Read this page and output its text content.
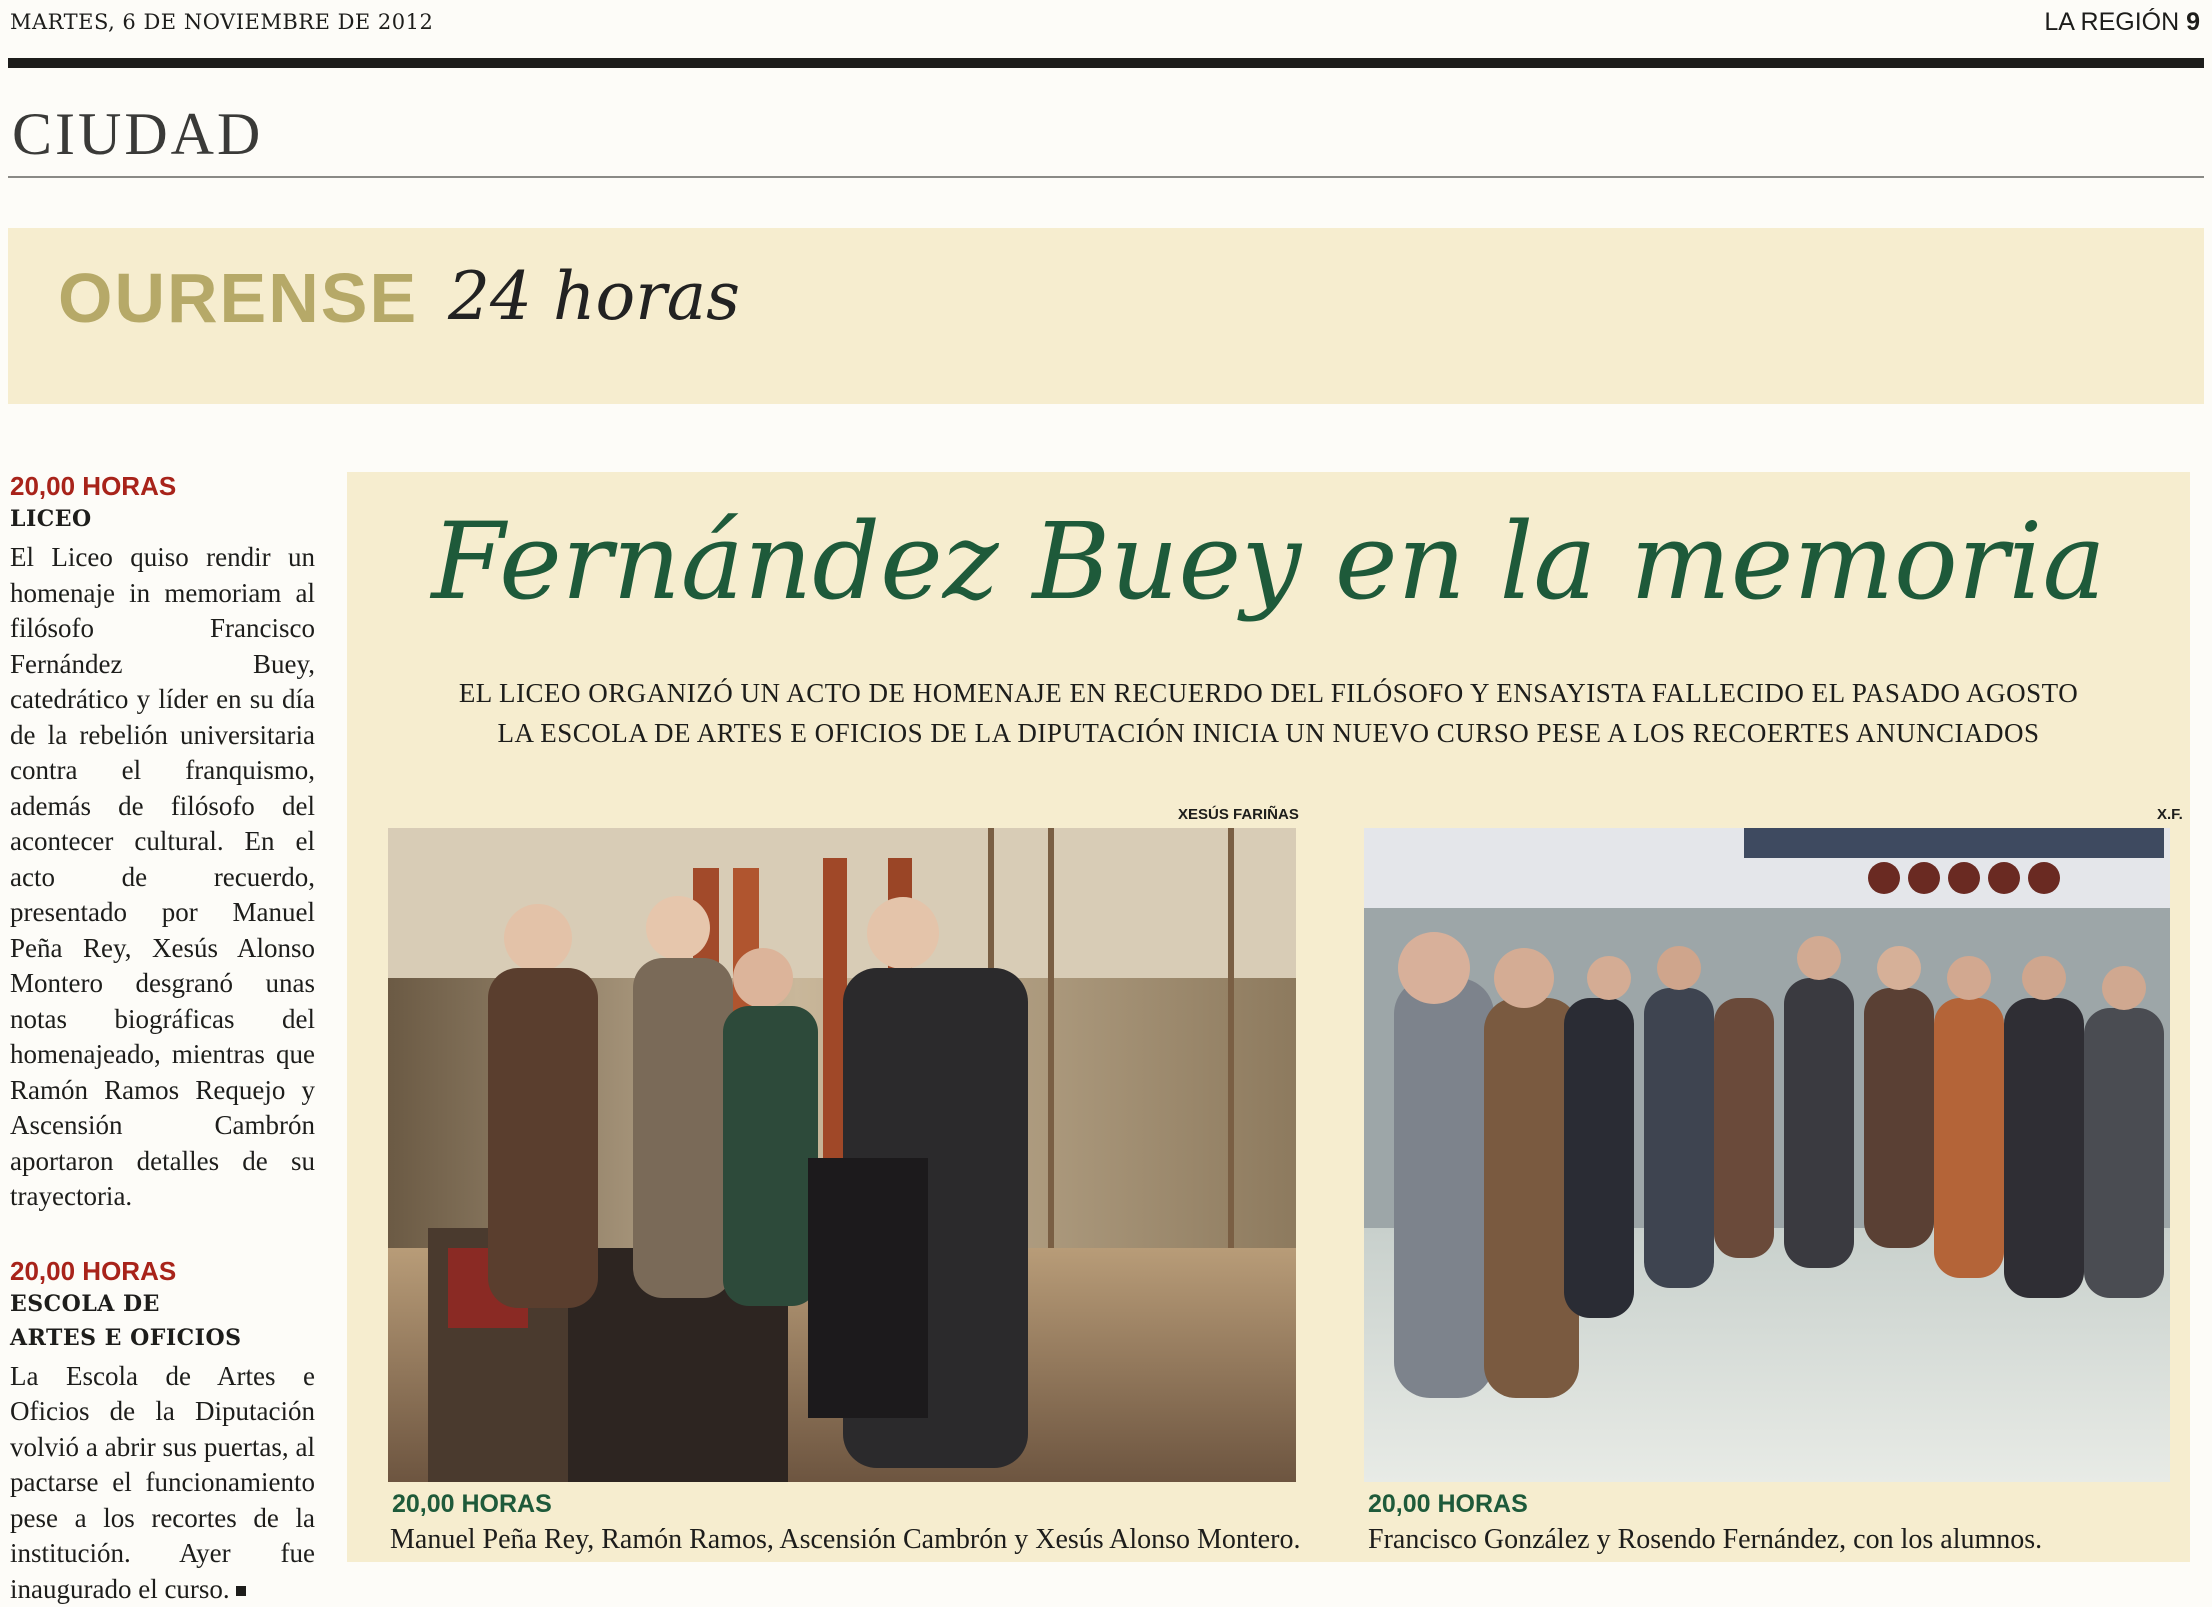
MARTES, 6 DE NOVIEMBRE DE 2012	LA REGIÓN 9
CIUDAD
OURENSE 24 horas
20,00 HORAS
LICEO
El Liceo quiso rendir un homenaje in memoriam al filósofo Francisco Fernández Buey, catedrático y líder en su día de la rebelión universitaria contra el franquismo, además de filósofo del acontecer cultural. En el acto de recuerdo, presentado por Manuel Peña Rey, Xesús Alonso Montero desgranó unas notas biográficas del homenajeado, mientras que Ramón Ramos Requejo y Ascensión Cambrón aportaron detalles de su trayectoria.
20,00 HORAS
ESCOLA DE
ARTES E OFICIOS
La Escola de Artes e Oficios de la Diputación volvió a abrir sus puertas, al pactarse el funcionamiento pese a los recortes de la institución. Ayer fue inaugurado el curso.
Fernández Buey en la memoria
EL LICEO ORGANIZÓ UN ACTO DE HOMENAJE EN RECUERDO DEL FILÓSOFO Y ENSAYISTA FALLECIDO EL PASADO AGOSTO
LA ESCOLA DE ARTES E OFICIOS DE LA DIPUTACIÓN INICIA UN NUEVO CURSO PESE A LOS RECOERTES ANUNCIADOS
XESÚS FARIÑAS	X.F.
20,00 HORAS
Manuel Peña Rey, Ramón Ramos, Ascensión Cambrón y Xesús Alonso Montero.
20,00 HORAS
Francisco González y Rosendo Fernández, con los alumnos.
